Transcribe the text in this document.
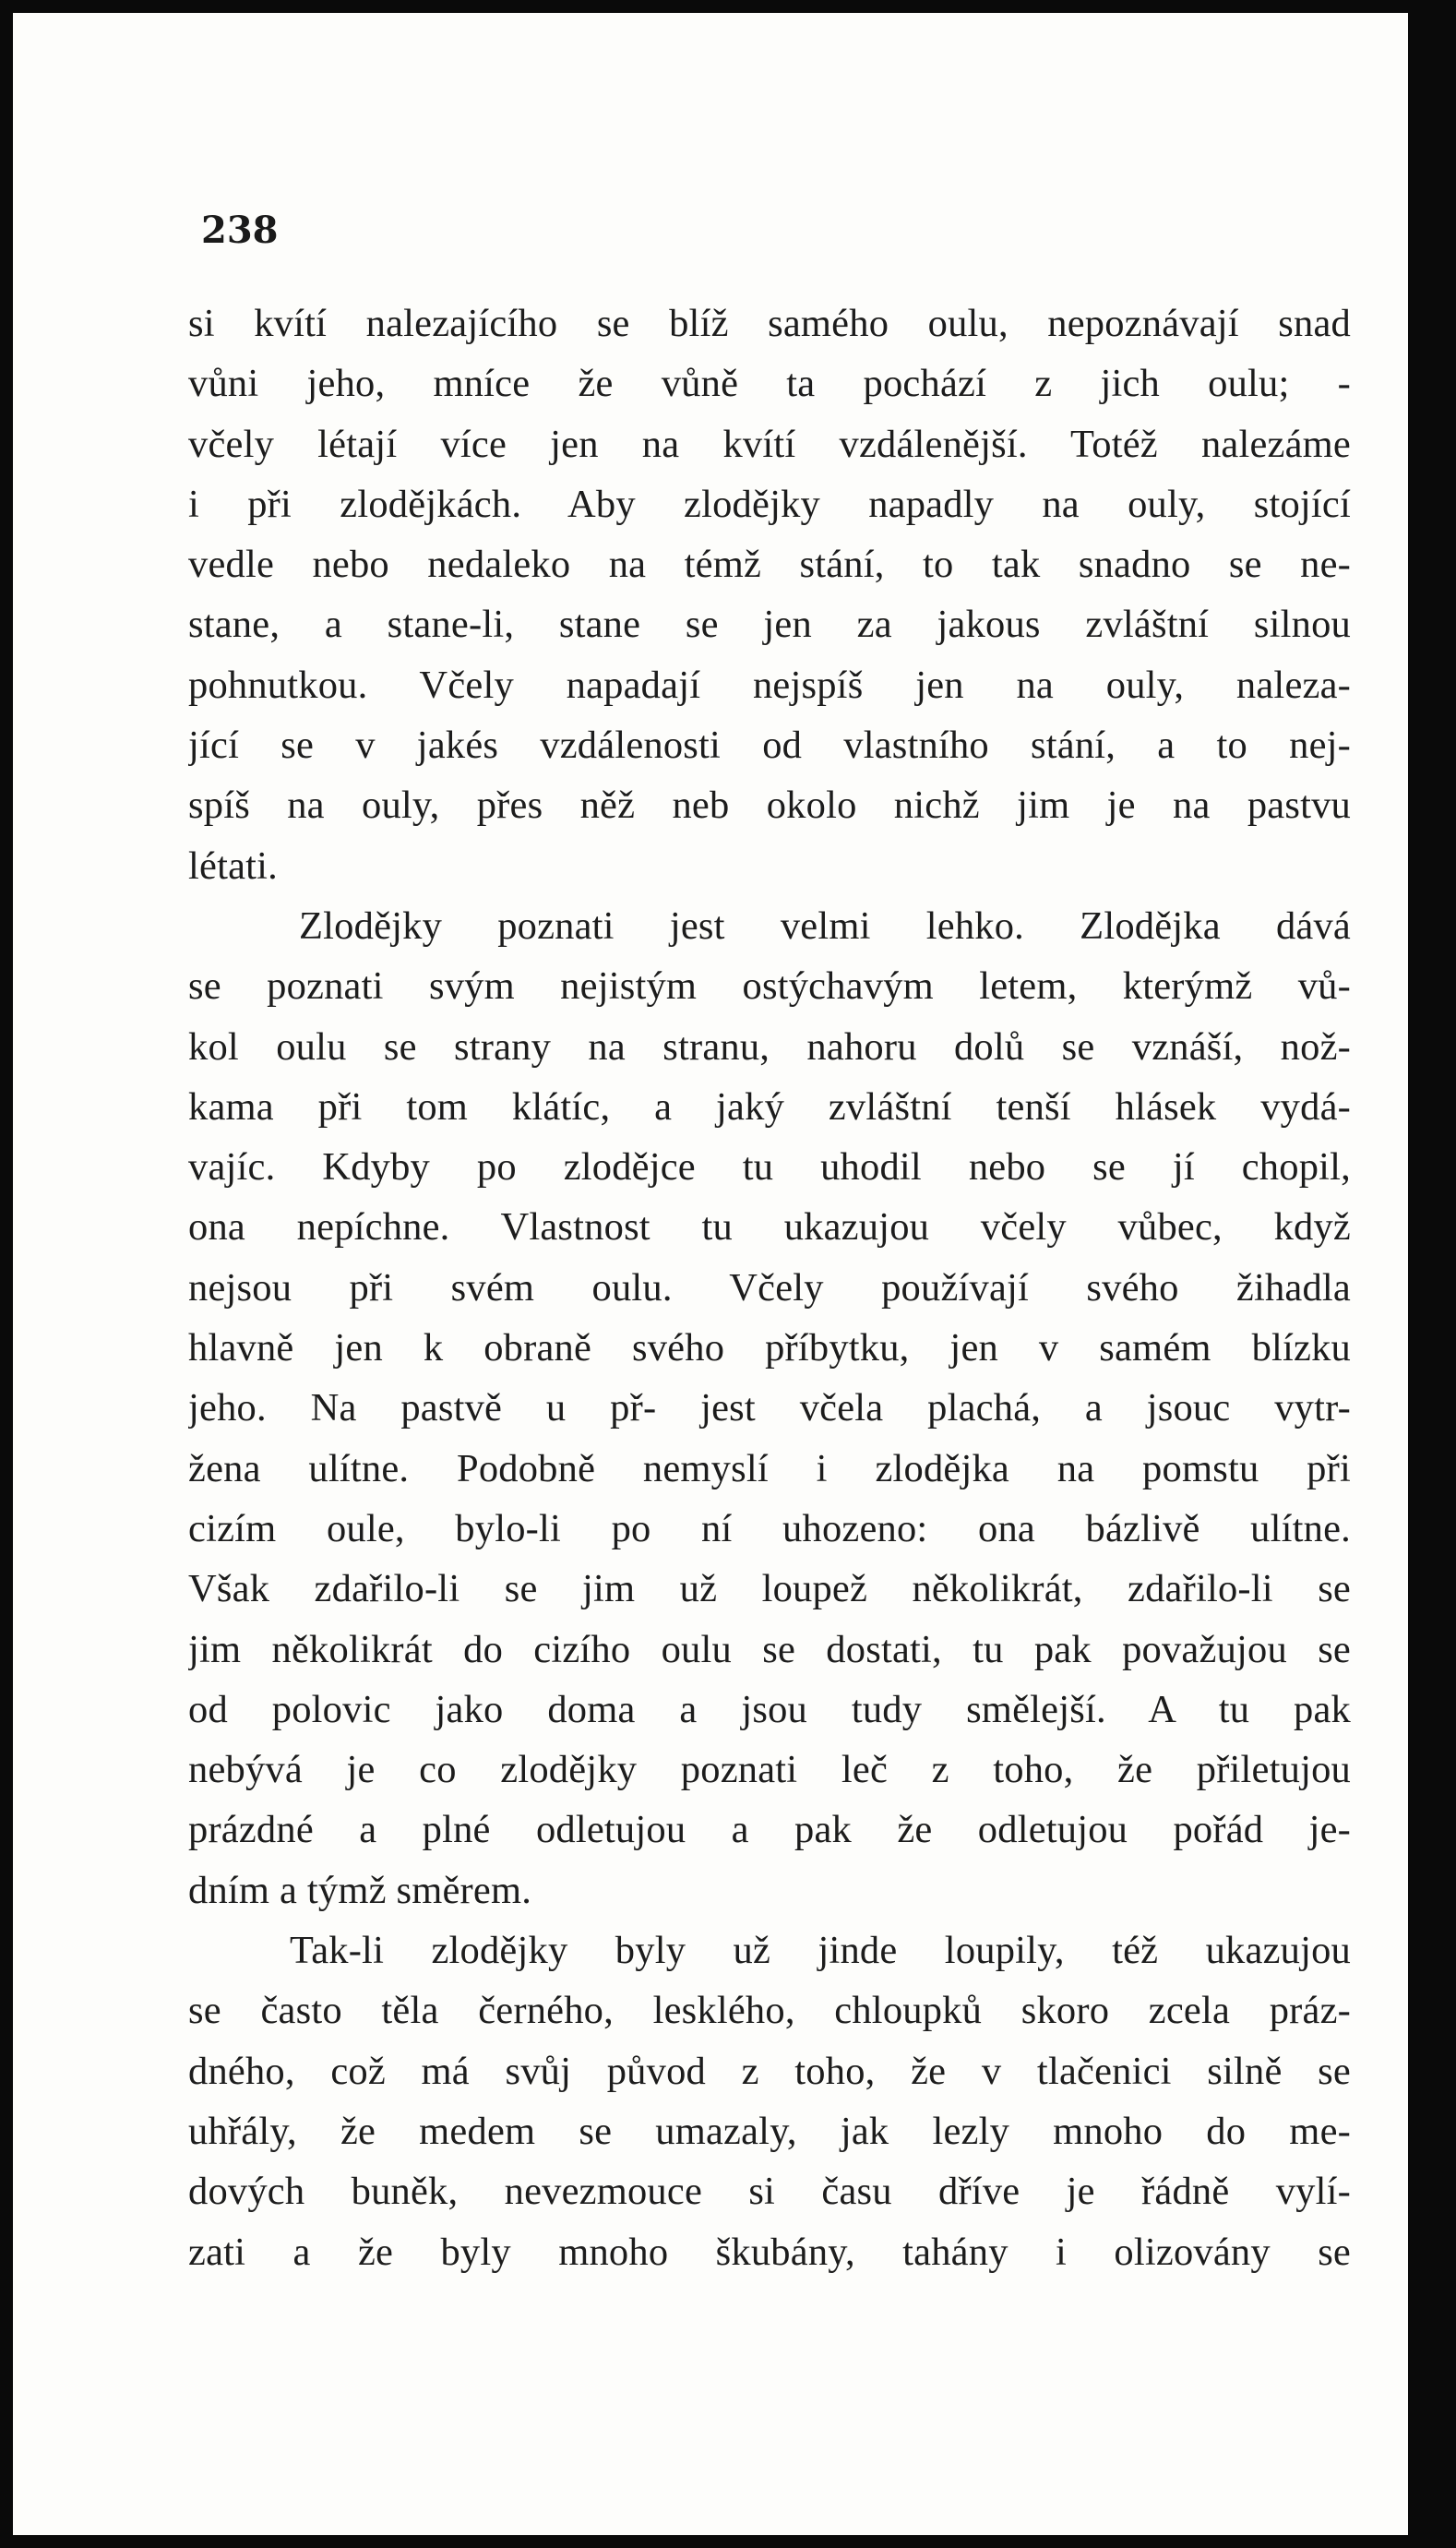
238
si kvítí nalezajícího se blíž samého oulu, nepoznávají snad
vůni jeho, mníce že vůně ta pochází z jich oulu; -
včely létají více jen na kvítí vzdálenější. Totéž nalezáme
i při zlodějkách. Aby zlodějky napadly na ouly, stojící
vedle nebo nedaleko na témž stání, to tak snadno se ne-
stane, a stane-li, stane se jen za jakous zvláštní silnou
pohnutkou. Včely napadají nejspíš jen na ouly, naleza-
jící se v jakés vzdálenosti od vlastního stání, a to nej-
spíš na ouly, přes něž neb okolo nichž jim je na pastvu
létati.
Zlodějky poznati jest velmi lehko. Zlodějka dává
se poznati svým nejistým ostýchavým letem, kterýmž vů-
kol oulu se strany na stranu, nahoru dolů se vznáší, nož-
kama při tom klátíc, a jaký zvláštní tenší hlásek vydá-
vajíc. Kdyby po zlodějce tu uhodil nebo se jí chopil,
ona nepíchne. Vlastnost tu ukazujou včely vůbec, když
nejsou při svém oulu. Včely používají svého žihadla
hlavně jen k obraně svého příbytku, jen v samém blízku
jeho. Na pastvě u př- jest včela plachá, a jsouc vytr-
žena ulítne. Podobně nemyslí i zlodějka na pomstu při
cizím oule, bylo-li po ní uhozeno: ona bázlivě ulítne.
Však zdařilo-li se jim už loupež několikrát, zdařilo-li se
jim několikrát do cizího oulu se dostati, tu pak považujou se
od polovic jako doma a jsou tudy smělejší. A tu pak
nebývá je co zlodějky poznati leč z toho, že přiletujou
prázdné a plné odletujou a pak že odletujou pořád je-
dním a týmž směrem.
Tak-li zlodějky byly už jinde loupily, též ukazujou
se často těla černého, lesklého, chloupků skoro zcela práz-
dného, což má svůj původ z toho, že v tlačenici silně se
uhřály, že medem se umazaly, jak lezly mnoho do me-
dových buněk, nevezmouce si času dříve je řádně vylí-
zati a že byly mnoho škubány, tahány i olizovány se
